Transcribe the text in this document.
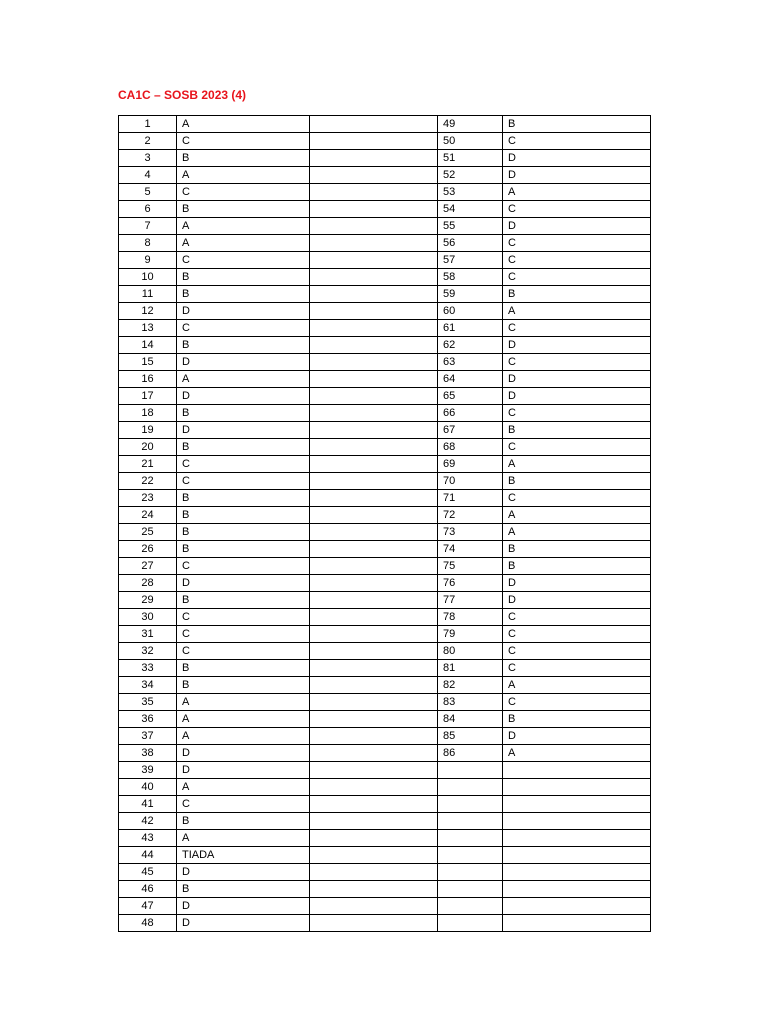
CA1C – SOSB 2023 (4)
1	A		49	B
2	C		50	C
3	B		51	D
4	A		52	D
5	C		53	A
6	B		54	C
7	A		55	D
8	A		56	C
9	C		57	C
10	B		58	C
11	B		59	B
12	D		60	A
13	C		61	C
14	B		62	D
15	D		63	C
16	A		64	D
17	D		65	D
18	B		66	C
19	D		67	B
20	B		68	C
21	C		69	A
22	C		70	B
23	B		71	C
24	B		72	A
25	B		73	A
26	B		74	B
27	C		75	B
28	D		76	D
29	B		77	D
30	C		78	C
31	C		79	C
32	C		80	C
33	B		81	C
34	B		82	A
35	A		83	C
36	A		84	B
37	A		85	D
38	D		86	A
39	D			
40	A			
41	C			
42	B			
43	A			
44	TIADA			
45	D			
46	B			
47	D			
48	D			
